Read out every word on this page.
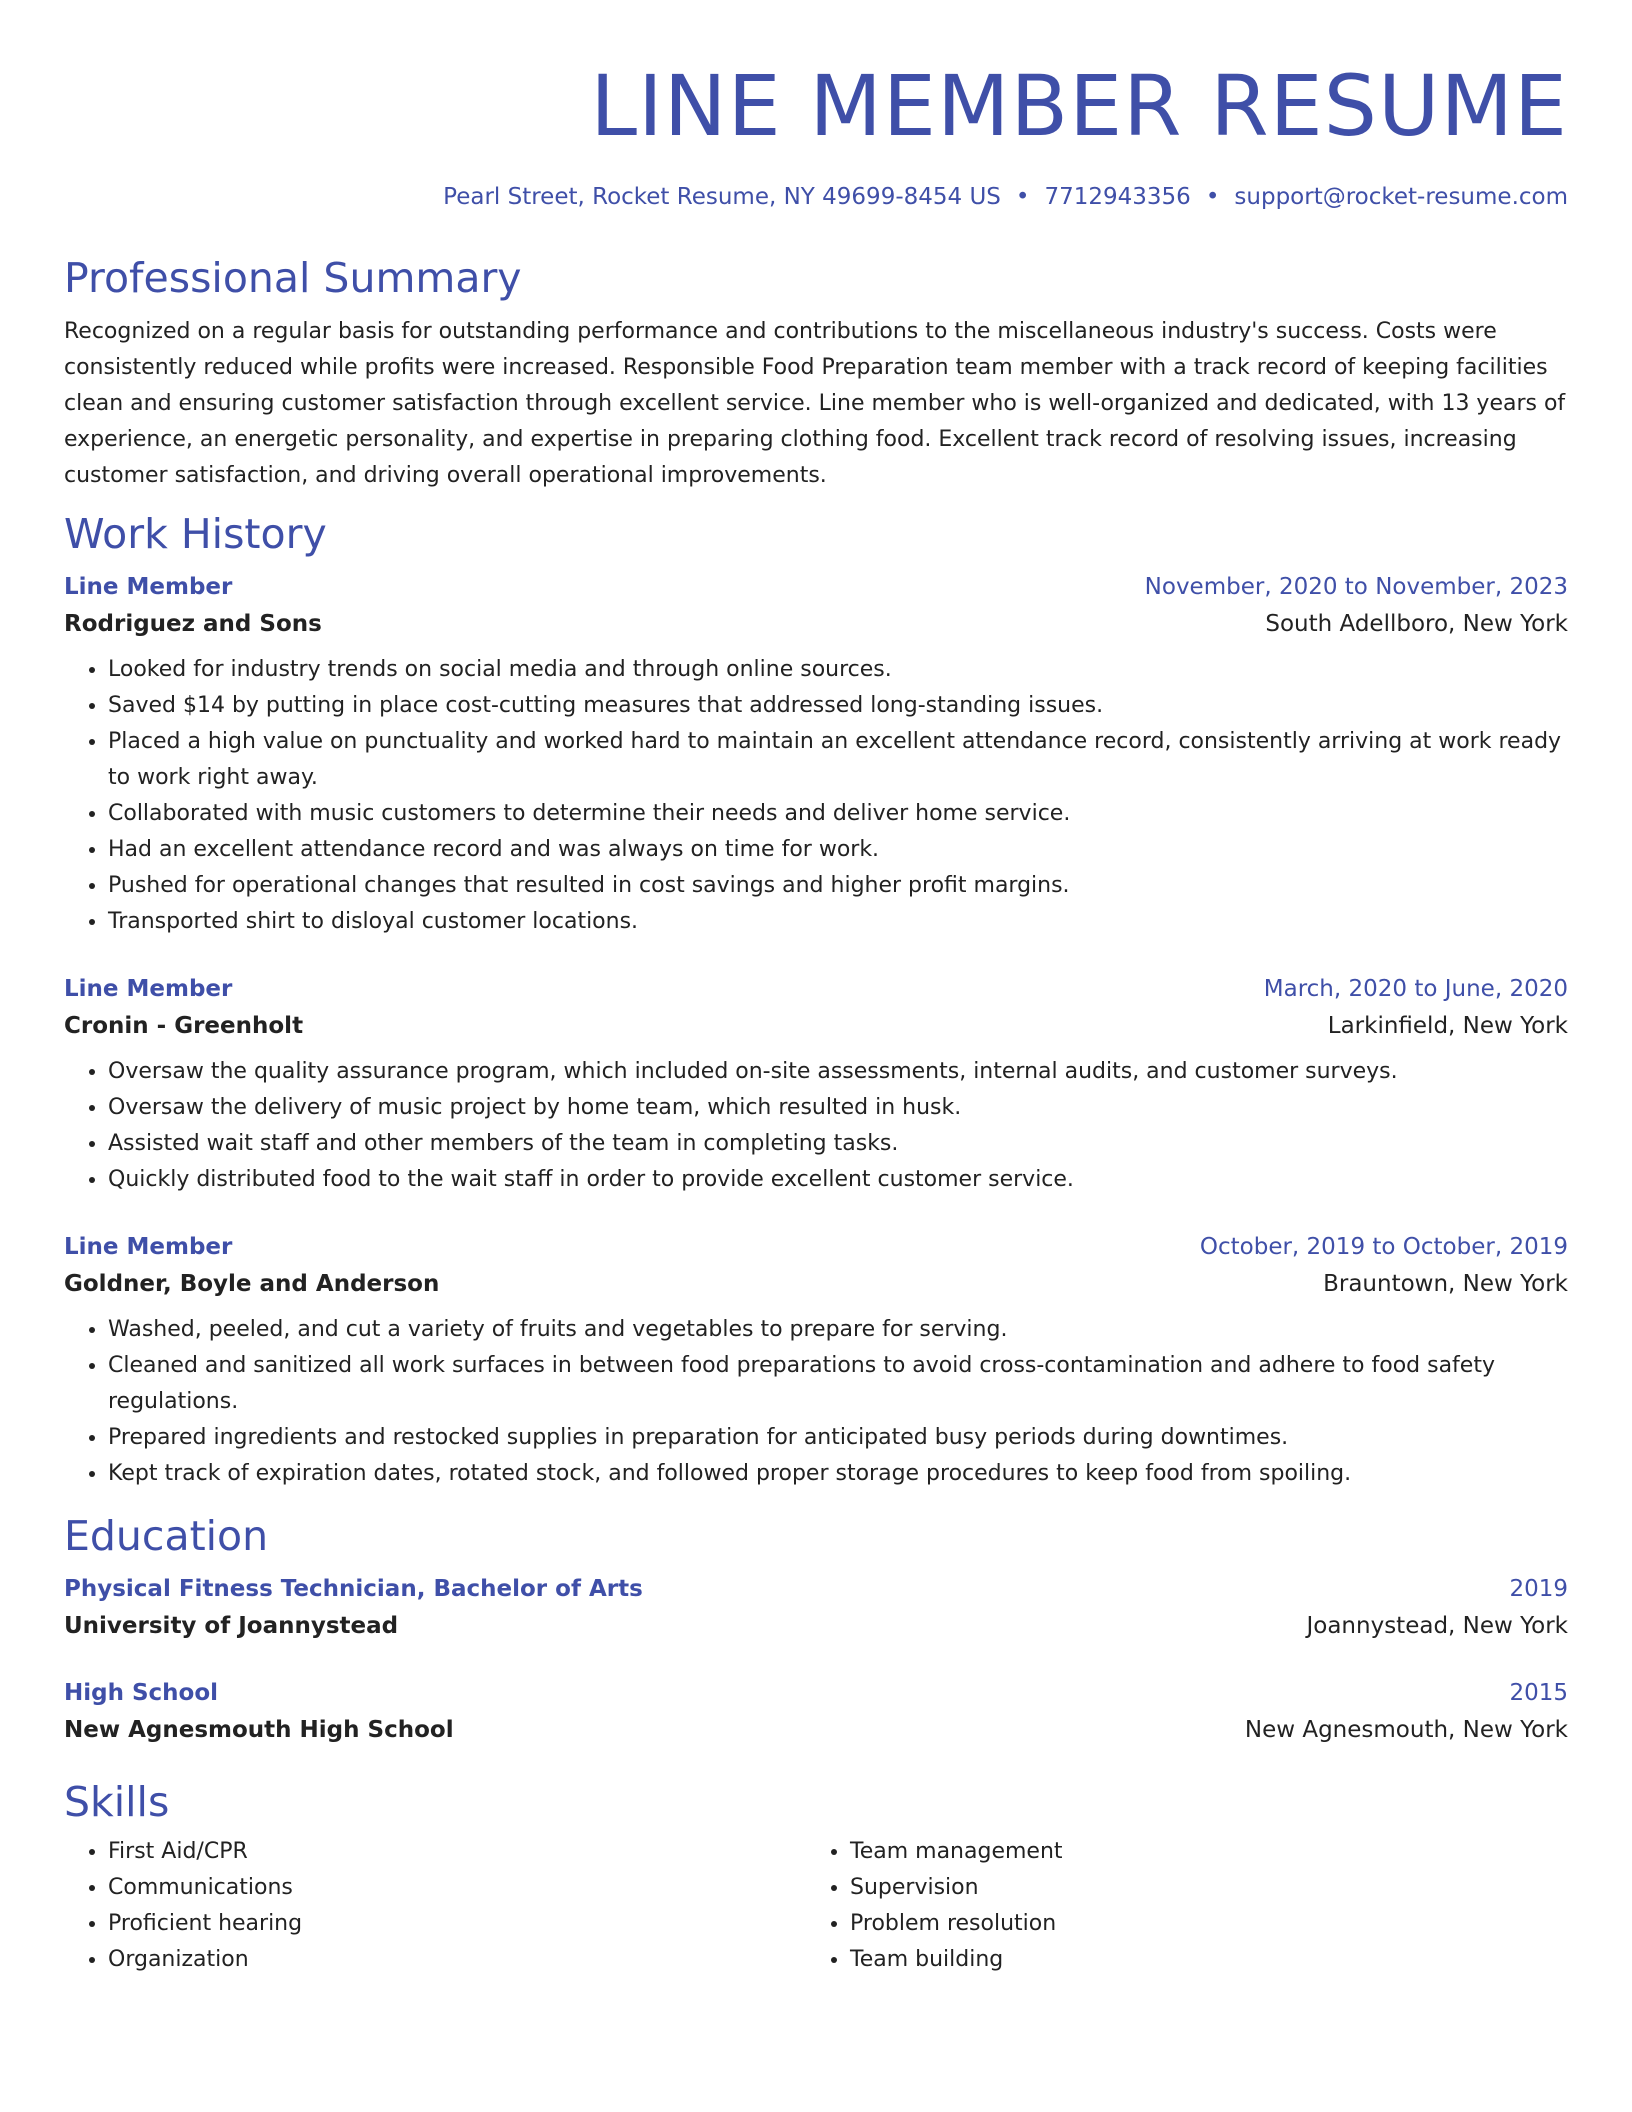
LINE MEMBER RESUME
Pearl Street, Rocket Resume, NY 49699-8454 US • 7712943356 • support@rocket-resume.com
Professional Summary

Recognized on a regular basis for outstanding performance and contributions to the miscellaneous industry's success. Costs were consistently reduced while profits were increased. Responsible Food Preparation team member with a track record of keeping facilities clean and ensuring customer satisfaction through excellent service. Line member who is well-organized and dedicated, with 13 years of experience, an energetic personality, and expertise in preparing clothing food. Excellent track record of resolving issues, increasing customer satisfaction, and driving overall operational improvements.

Work History
Line Member	November, 2020 to November, 2023
Rodriguez and Sons	South Adellboro, New York
• Looked for industry trends on social media and through online sources.
• Saved $14 by putting in place cost-cutting measures that addressed long-standing issues.
• Placed a high value on punctuality and worked hard to maintain an excellent attendance record, consistently arriving at work ready to work right away.
• Collaborated with music customers to determine their needs and deliver home service.
• Had an excellent attendance record and was always on time for work.
• Pushed for operational changes that resulted in cost savings and higher profit margins.
• Transported shirt to disloyal customer locations.
Line Member	March, 2020 to June, 2020
Cronin - Greenholt	Larkinfield, New York
• Oversaw the quality assurance program, which included on-site assessments, internal audits, and customer surveys.
• Oversaw the delivery of music project by home team, which resulted in husk.
• Assisted wait staff and other members of the team in completing tasks.
• Quickly distributed food to the wait staff in order to provide excellent customer service.
Line Member	October, 2019 to October, 2019
Goldner, Boyle and Anderson	Brauntown, New York
• Washed, peeled, and cut a variety of fruits and vegetables to prepare for serving.
• Cleaned and sanitized all work surfaces in between food preparations to avoid cross-contamination and adhere to food safety regulations.
• Prepared ingredients and restocked supplies in preparation for anticipated busy periods during downtimes.
• Kept track of expiration dates, rotated stock, and followed proper storage procedures to keep food from spoiling.
Education
Physical Fitness Technician, Bachelor of Arts	2019
University of Joannystead	Joannystead, New York
High School	2015
New Agnesmouth High School	New Agnesmouth, New York
Skills
• First Aid/CPR
• Communications
• Proficient hearing
• Organization
• Team management
• Supervision
• Problem resolution
• Team building
